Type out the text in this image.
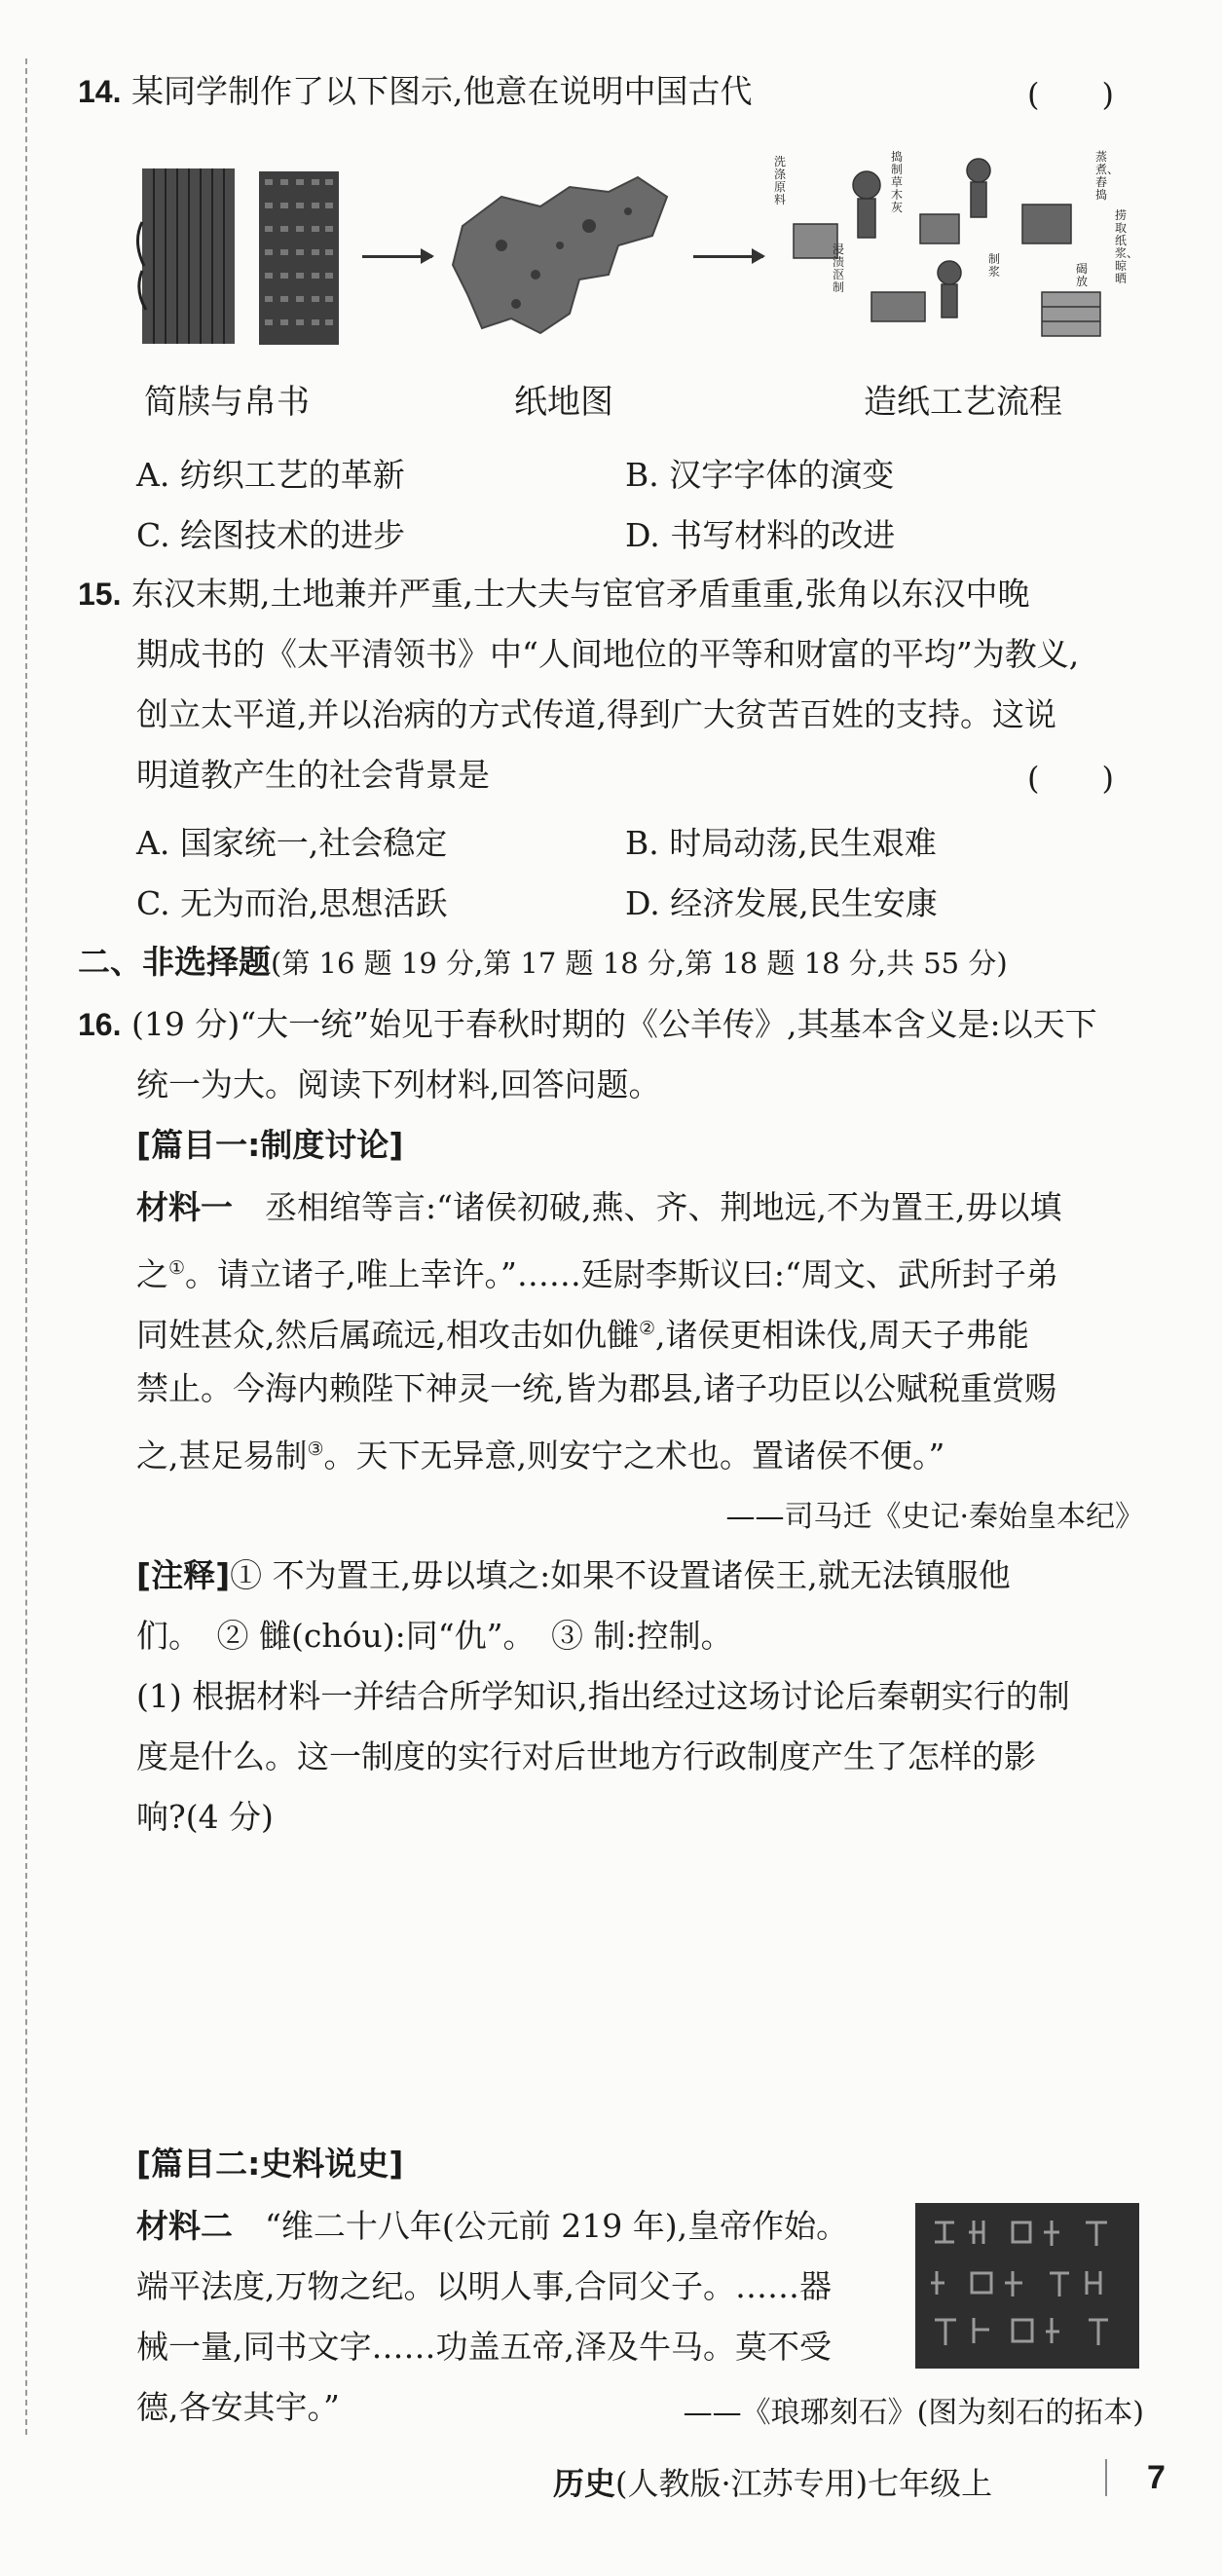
14. 某同学制作了以下图示,他意在说明中国古代	(　　)
洗涤原料
浸渍沤制
蒸煮、舂捣
捞取纸浆、晾晒
碣放
捣制草木灰
制浆
简牍与帛书	纸地图	造纸工艺流程
A. 纺织工艺的革新	B. 汉字字体的演变
C. 绘图技术的进步	D. 书写材料的改进
15. 东汉末期,土地兼并严重,士大夫与宦官矛盾重重,张角以东汉中晚
期成书的《太平清领书》中“人间地位的平等和财富的平均”为教义,
创立太平道,并以治病的方式传道,得到广大贫苦百姓的支持。这说
明道教产生的社会背景是	(　　)
A. 国家统一,社会稳定	B. 时局动荡,民生艰难
C. 无为而治,思想活跃	D. 经济发展,民生安康
二、非选择题(第 16 题 19 分,第 17 题 18 分,第 18 题 18 分,共 55 分)
16. (19 分)“大一统”始见于春秋时期的《公羊传》,其基本含义是:以天下
统一为大。阅读下列材料,回答问题。
[篇目一:制度讨论]
材料一　 丞相绾等言:“诸侯初破,燕、齐、荆地远,不为置王,毋以填
之①。请立诸子,唯上幸许。”……廷尉李斯议曰:“周文、武所封子弟
同姓甚众,然后属疏远,相攻击如仇雠②,诸侯更相诛伐,周天子弗能
禁止。今海内赖陛下神灵一统,皆为郡县,诸子功臣以公赋税重赏赐
之,甚足易制③。天下无异意,则安宁之术也。置诸侯不便。”
——司马迁《史记·秦始皇本纪》
[注释]① 不为置王,毋以填之:如果不设置诸侯王,就无法镇服他
们。　② 雠(chóu):同“仇”。　③ 制:控制。
(1) 根据材料一并结合所学知识,指出经过这场讨论后秦朝实行的制
度是什么。这一制度的实行对后世地方行政制度产生了怎样的影
响?(4 分)
[篇目二:史料说史]
材料二　 “维二十八年(公元前 219 年),皇帝作始。
端平法度,万物之纪。以明人事,合同父子。……器
械一量,同书文字……功盖五帝,泽及牛马。莫不受
德,各安其宇。”	——《琅琊刻石》(图为刻石的拓本)
历史(人教版·江苏专用)七年级上	7
